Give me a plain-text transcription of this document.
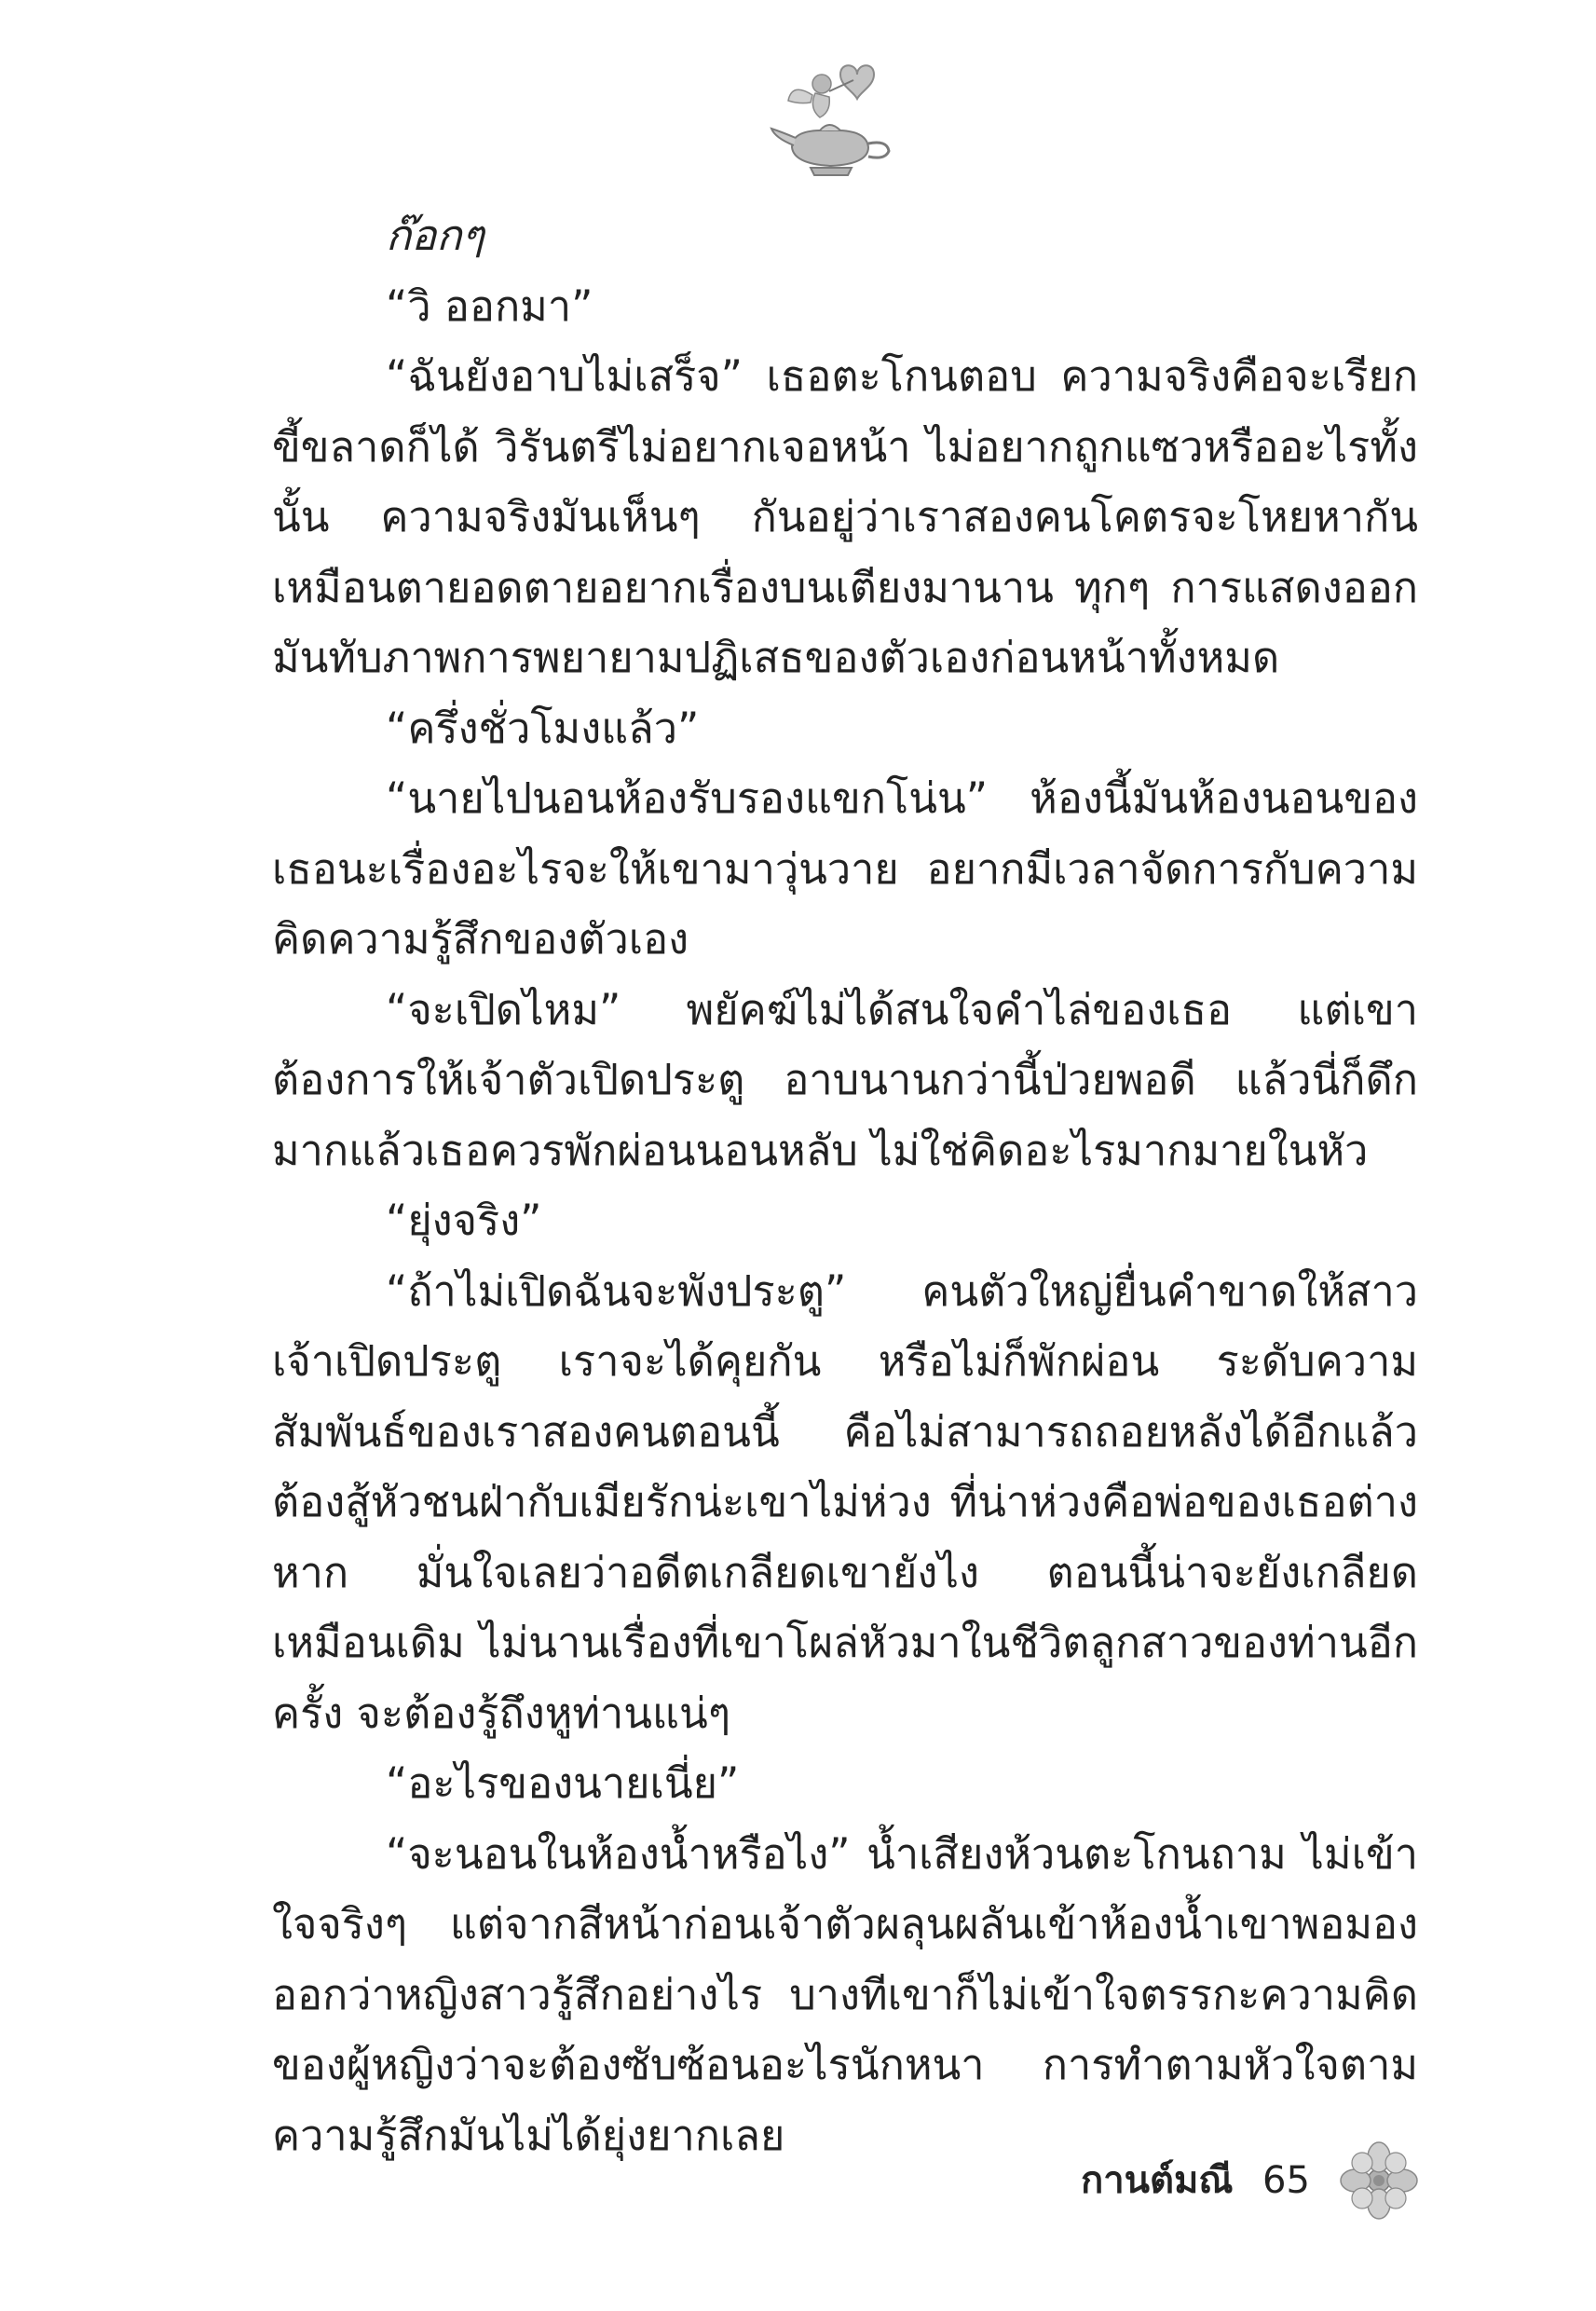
ก๊อกๆ

“วิ ออกมา”

“ฉันยังอาบไม่เสร็จ” เธอตะโกนตอบ ความจริงคือจะเรียกขี้ขลาดก็ได้ วิรันตรีไม่อยากเจอหน้า ไม่อยากถูกแซวหรืออะไรทั้งนั้น ความจริงมันเห็นๆ กันอยู่ว่าเราสองคนโคตรจะโหยหากัน เหมือนตายอดตายอยากเรื่องบนเตียงมานาน ทุกๆ การแสดงออกมันทับภาพการพยายามปฏิเสธของตัวเองก่อนหน้าทั้งหมด

“ครึ่งชั่วโมงแล้ว”

“นายไปนอนห้องรับรองแขกโน่น” ห้องนี้มันห้องนอนของเธอนะเรื่องอะไรจะให้เขามาวุ่นวาย อยากมีเวลาจัดการกับความคิดความรู้สึกของตัวเอง

“จะเปิดไหม” พยัคฆ์ไม่ได้สนใจคำไล่ของเธอ แต่เขาต้องการให้เจ้าตัวเปิดประตู อาบนานกว่านี้ป่วยพอดี แล้วนี่ก็ดึกมากแล้วเธอควรพักผ่อนนอนหลับ ไม่ใช่คิดอะไรมากมายในหัว

“ยุ่งจริง”

“ถ้าไม่เปิดฉันจะพังประตู” คนตัวใหญ่ยื่นคำขาดให้สาวเจ้าเปิดประตู เราจะได้คุยกัน หรือไม่ก็พักผ่อน ระดับความสัมพันธ์ของเราสองคนตอนนี้ คือไม่สามารถถอยหลังได้อีกแล้ว ต้องสู้หัวชนฝ่ากับเมียรักน่ะเขาไม่ห่วง ที่น่าห่วงคือพ่อของเธอต่างหาก มั่นใจเลยว่าอดีตเกลียดเขายังไง ตอนนี้น่าจะยังเกลียดเหมือนเดิม ไม่นานเรื่องที่เขาโผล่หัวมาในชีวิตลูกสาวของท่านอีกครั้ง จะต้องรู้ถึงหูท่านแน่ๆ

“อะไรของนายเนี่ย”

“จะนอนในห้องน้ำหรือไง” น้ำเสียงห้วนตะโกนถาม ไม่เข้าใจจริงๆ แต่จากสีหน้าก่อนเจ้าตัวผลุนผลันเข้าห้องน้ำเขาพอมองออกว่าหญิงสาวรู้สึกอย่างไร บางทีเขาก็ไม่เข้าใจตรรกะความคิดของผู้หญิงว่าจะต้องซับซ้อนอะไรนักหนา การทำตามหัวใจตามความรู้สึกมันไม่ได้ยุ่งยากเลย

กานต์มณี 65
